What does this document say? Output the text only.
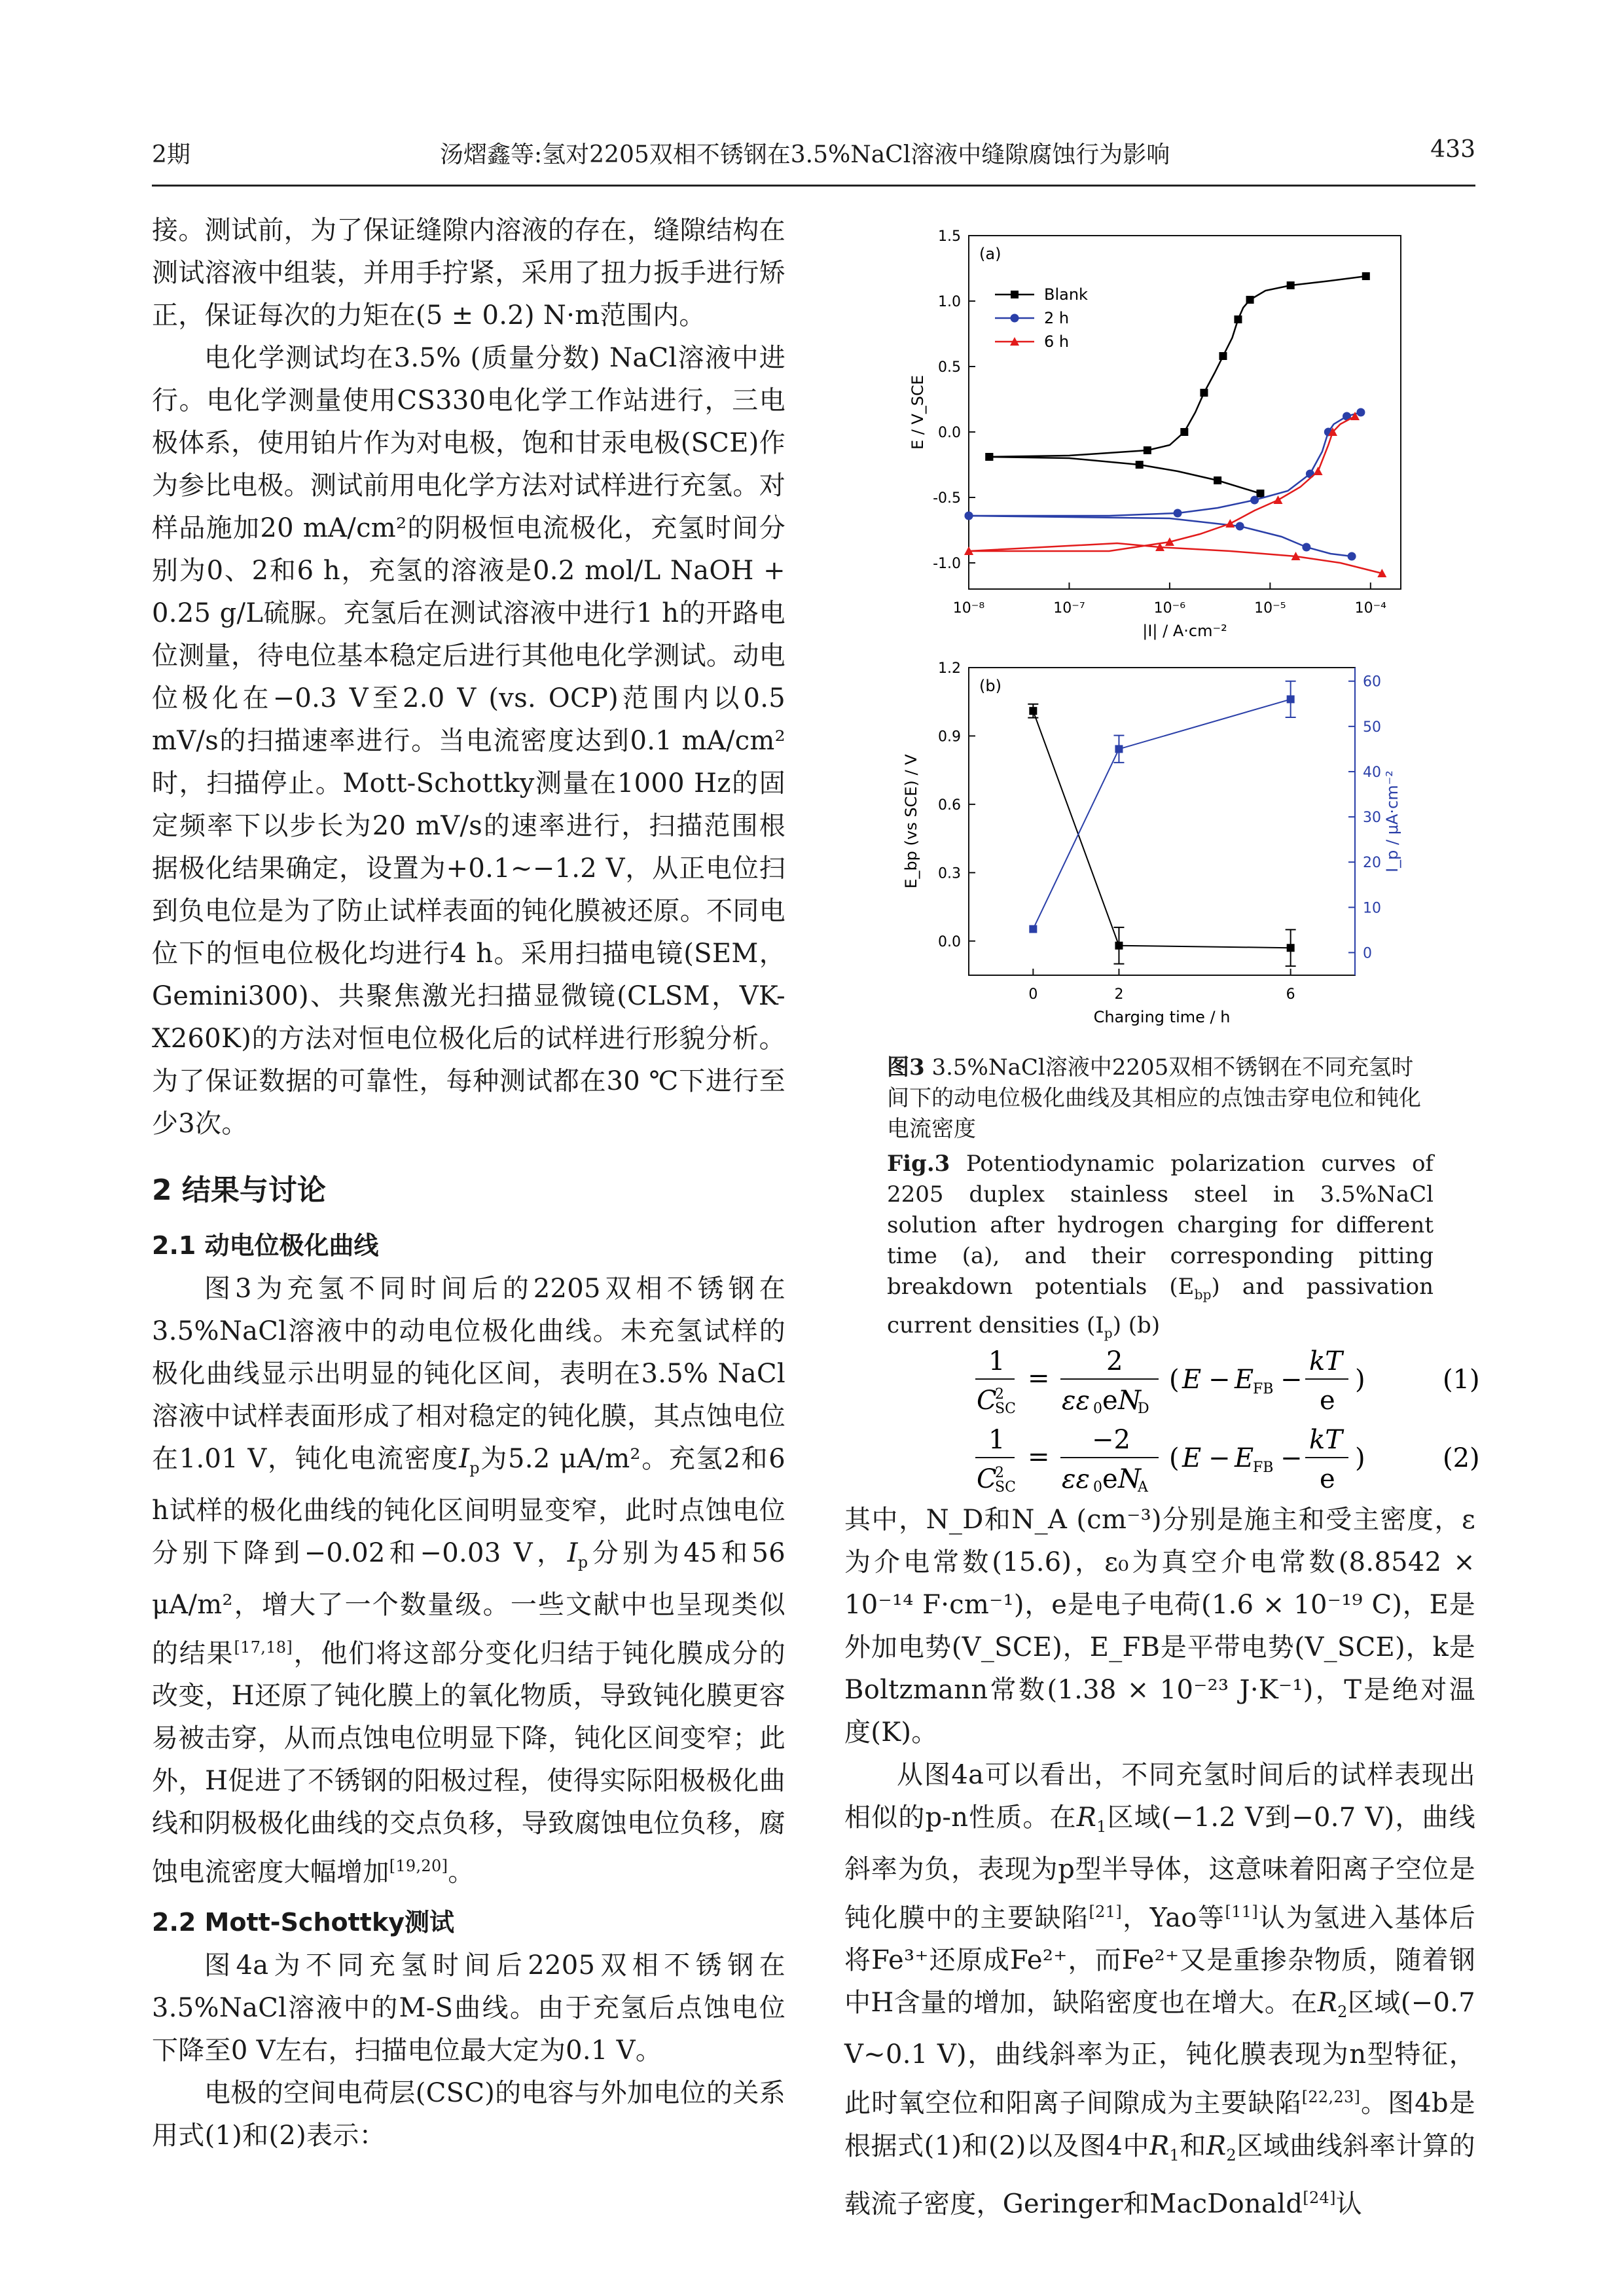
2期	汤熠鑫等:氢对2205双相不锈钢在3.5%NaCl溶液中缝隙腐蚀行为影响	433

接。测试前，为了保证缝隙内溶液的存在，缝隙结构在测试溶液中组装，并用手拧紧，采用了扭力扳手进行矫正，保证每次的力矩在(5 ± 0.2) N·m范围内。

电化学测试均在3.5% (质量分数) NaCl溶液中进行。电化学测量使用CS330电化学工作站进行，三电极体系，使用铂片作为对电极，饱和甘汞电极(SCE)作为参比电极。测试前用电化学方法对试样进行充氢。对样品施加20 mA/cm²的阴极恒电流极化，充氢时间分别为0、2和6 h，充氢的溶液是0.2 mol/L NaOH + 0.25 g/L硫脲。充氢后在测试溶液中进行1 h的开路电位测量，待电位基本稳定后进行其他电化学测试。动电位极化在−0.3 V至2.0 V (vs. OCP)范围内以0.5 mV/s的扫描速率进行。当电流密度达到0.1 mA/cm²时，扫描停止。Mott-Schottky测量在1000 Hz的固定频率下以步长为20 mV/s的速率进行，扫描范围根据极化结果确定，设置为+0.1~−1.2 V，从正电位扫到负电位是为了防止试样表面的钝化膜被还原。不同电位下的恒电位极化均进行4 h。采用扫描电镜(SEM，Gemini300)、共聚焦激光扫描显微镜(CLSM，VK-X260K)的方法对恒电位极化后的试样进行形貌分析。为了保证数据的可靠性，每种测试都在30 ℃下进行至少3次。

2 结果与讨论
2.1 动电位极化曲线

图3为充氢不同时间后的2205双相不锈钢在3.5%NaCl溶液中的动电位极化曲线。未充氢试样的极化曲线显示出明显的钝化区间，表明在3.5% NaCl溶液中试样表面形成了相对稳定的钝化膜，其点蚀电位在1.01 V，钝化电流密度$I_p$为5.2 μA/m²。充氢2和6 h试样的极化曲线的钝化区间明显变窄，此时点蚀电位分别下降到−0.02和−0.03 V，$I_p$分别为45和56 μA/m²，增大了一个数量级。一些文献中也呈现类似的结果[17,18]，他们将这部分变化归结于钝化膜成分的改变，H还原了钝化膜上的氧化物质，导致钝化膜更容易被击穿，从而点蚀电位明显下降，钝化区间变窄；此外，H促进了不锈钢的阳极过程，使得实际阳极极化曲线和阴极极化曲线的交点负移，导致腐蚀电位负移，腐蚀电流密度大幅增加[19,20]。

2.2 Mott-Schottky测试

图4a为不同充氢时间后2205双相不锈钢在3.5%NaCl溶液中的M-S曲线。由于充氢后点蚀电位下降至0 V左右，扫描电位最大定为0.1 V。

电极的空间电荷层(CSC)的电容与外加电位的关系用式(1)和(2)表示：

10⁻⁸	10⁻⁷	10⁻⁶	10⁻⁵	10⁻⁴
1.5
1.0
0.5
0.0
-0.5
-1.0
|I| / A·cm⁻²
E / V_SCE
(a)
Blank
2 h
6 h
0	2	6
0.0
0.3
0.6
0.9
1.2
0
10
20
30
40
50
60
Charging time / h
E_bp (vs SCE) / V	I_p / μA·cm⁻²
(b)
图3 3.5%NaCl溶液中2205双相不锈钢在不同充氢时间下的动电位极化曲线及其相应的点蚀击穿电位和钝化电流密度
Fig.3 Potentiodynamic polarization curves of 2205 duplex stainless steel in 3.5%NaCl solution after hydrogen charging for different time (a), and their corresponding pitting breakdown potentials $(E_{bp})$ and passivation current densities $(I_p)$ (b)
1
C
2
SC
=
2
εε 0 e N
D
( E − E
FB −
kT
e
)	(1)
1
C
2
SC
=
−2
εε 0 e N
A
( E − E
FB −
kT
e
)	(2)

其中，N_D和N_A (cm⁻³)分别是施主和受主密度，ε为介电常数(15.6)，ε₀为真空介电常数(8.8542 × 10⁻¹⁴ F·cm⁻¹)，e是电子电荷(1.6 × 10⁻¹⁹ C)，E是外加电势(V_SCE)，E_FB是平带电势(V_SCE)，k是Boltzmann常数(1.38 × 10⁻²³ J·K⁻¹)，T是绝对温度(K)。

从图4a可以看出，不同充氢时间后的试样表现出相似的p-n性质。在$R_1$区域(−1.2 V到−0.7 V)，曲线斜率为负，表现为p型半导体，这意味着阳离子空位是钝化膜中的主要缺陷[21]，Yao等[11]认为氢进入基体后将Fe³⁺还原成Fe²⁺，而Fe²⁺又是重掺杂物质，随着钢中H含量的增加，缺陷密度也在增大。在$R_2$区域(−0.7 V~0.1 V)，曲线斜率为正，钝化膜表现为n型特征，此时氧空位和阳离子间隙成为主要缺陷[22,23]。图4b是根据式(1)和(2)以及图4中$R_1$和$R_2$区域曲线斜率计算的载流子密度，Geringer和MacDonald[24]认
